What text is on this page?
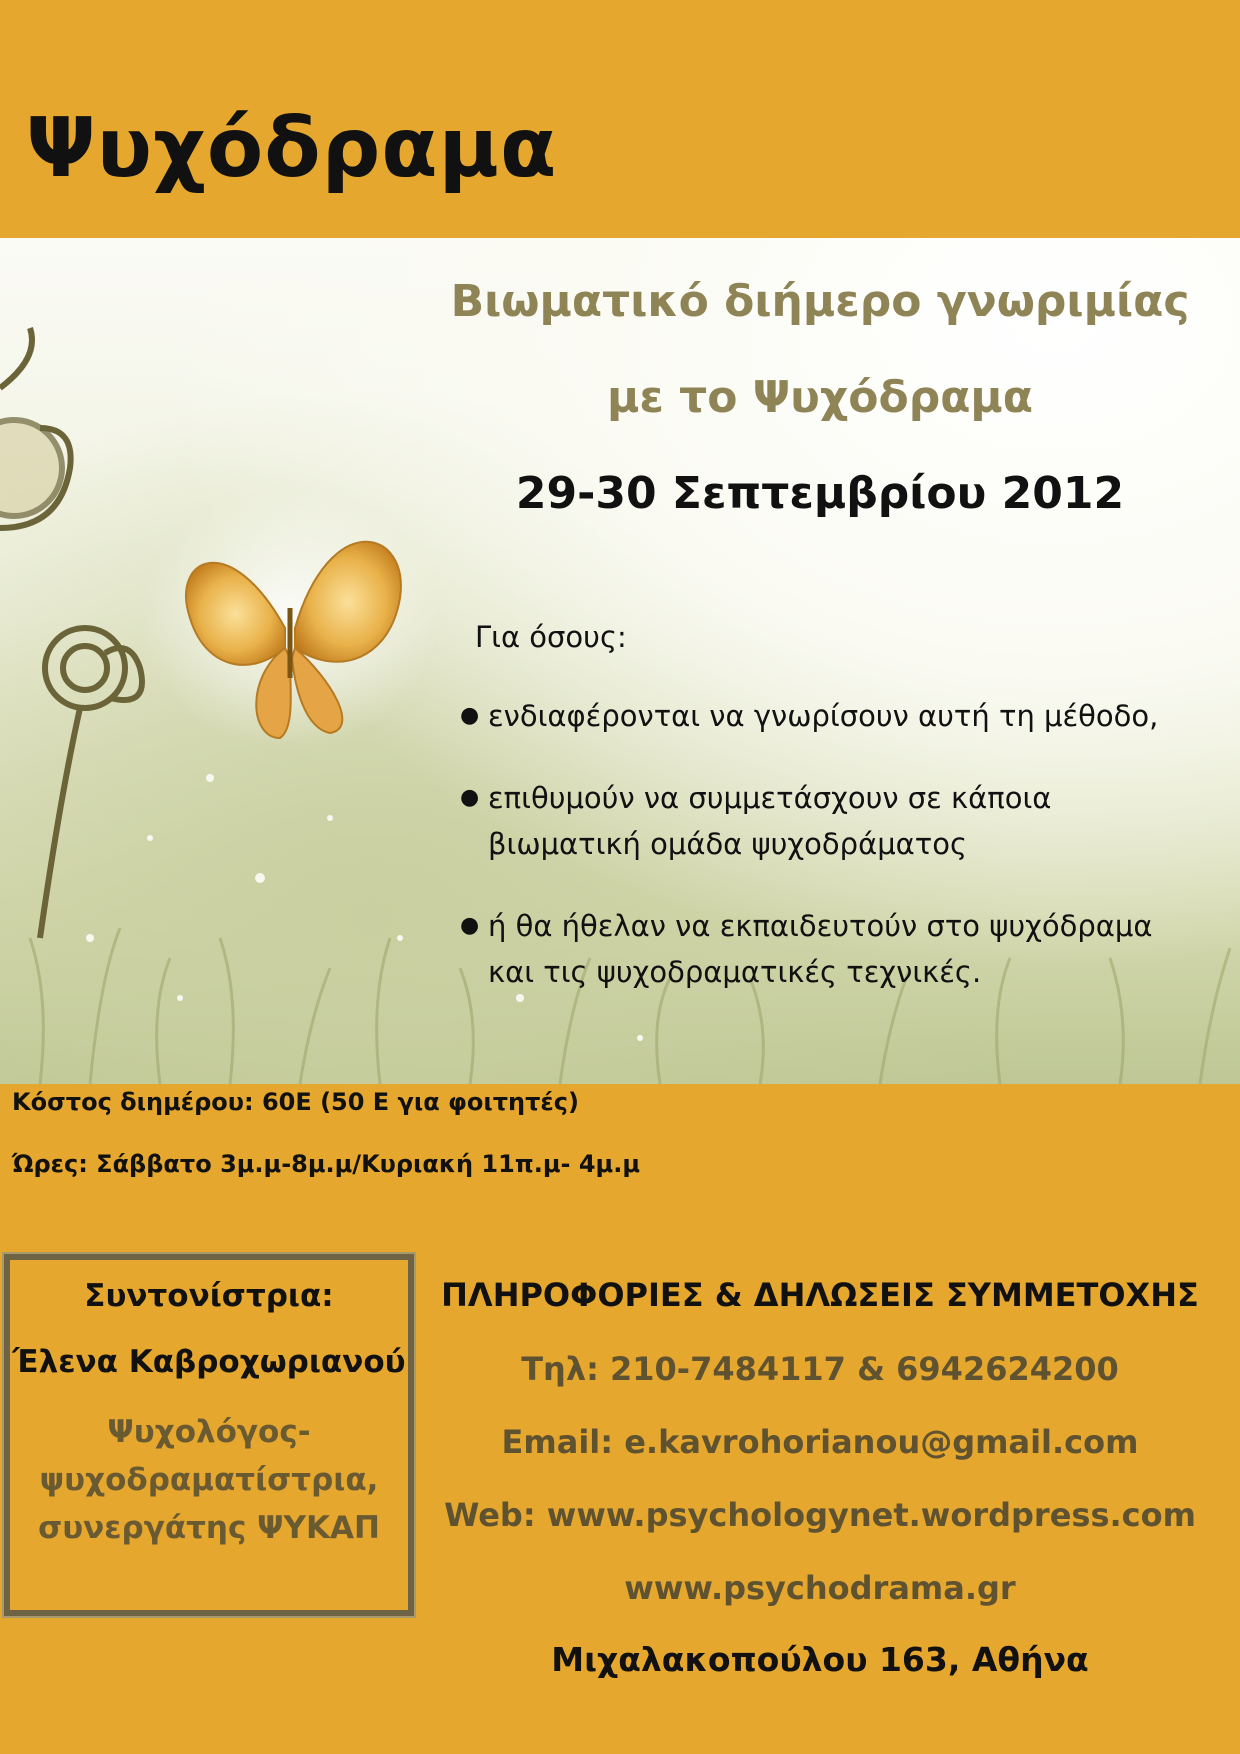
Ψυχόδραμα

Βιωματικό διήμερο γνωριμίας

με το Ψυχόδραμα

29-30 Σεπτεμβρίου 2012

Για όσους:
● ενδιαφέρονται να γνωρίσουν αυτή τη μέθοδο,
● επιθυμούν να συμμετάσχουν σε κάποια
βιωματική ομάδα ψυχοδράματος
● ή θα ήθελαν να εκπαιδευτούν στο ψυχόδραμα
και τις ψυχοδραματικές τεχνικές.
Κόστος διημέρου: 60Ε (50 Ε για φοιτητές)
Ώρες: Σάββατο 3μ.μ-8μ.μ/Κυριακή 11π.μ- 4μ.μ
Συντονίστρια:
Έλενα Καβροχωριανού
Ψυχολόγος-
ψυχοδραματίστρια,
συνεργάτης ΨΥΚΑΠ
ΠΛΗΡΟΦΟΡΙΕΣ & ΔΗΛΩΣΕΙΣ ΣΥΜΜΕΤΟΧΗΣ
Τηλ: 210-7484117 & 6942624200
Email: e.kavrohorianou@gmail.com
Web: www.psychologynet.wordpress.com
www.psychodrama.gr
Μιχαλακοπούλου 163, Αθήνα
